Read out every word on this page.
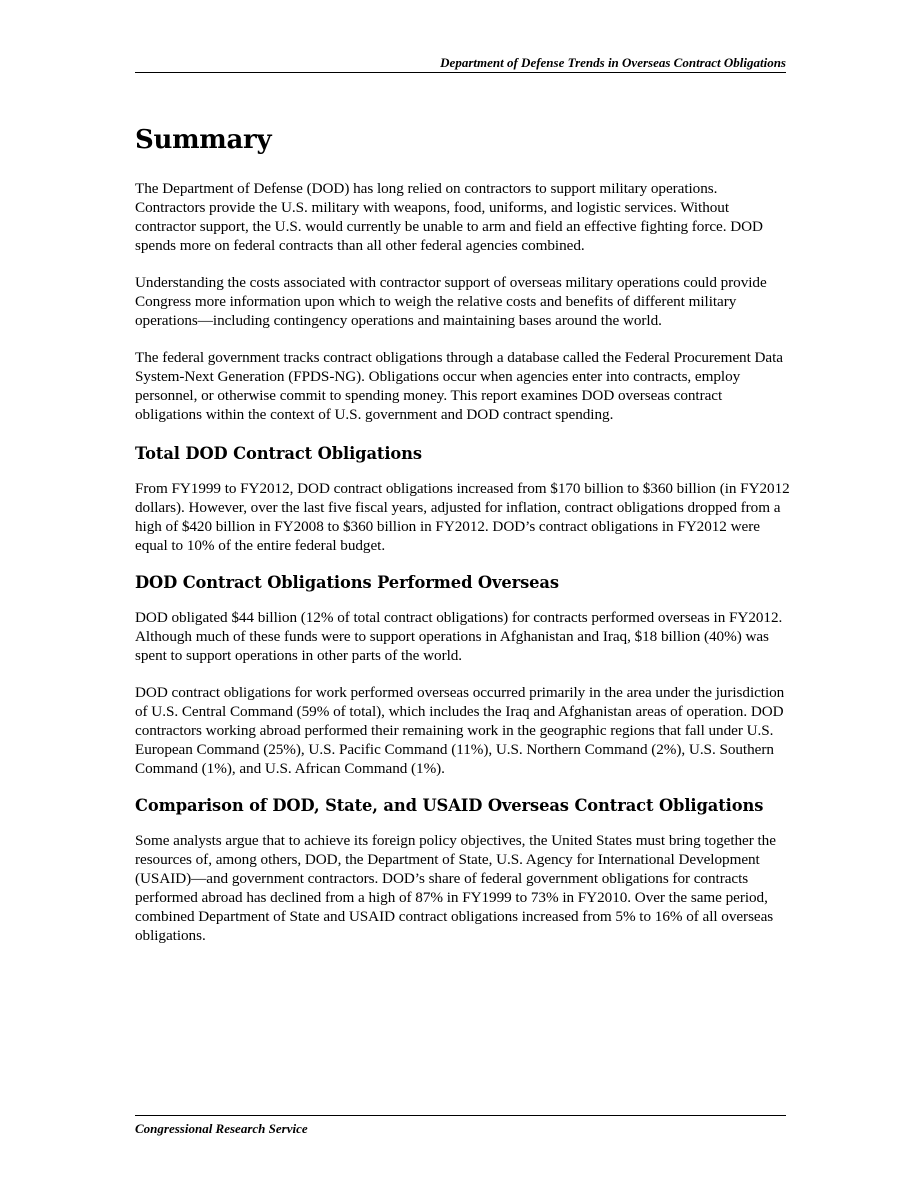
Department of Defense Trends in Overseas Contract Obligations
Summary

The Department of Defense (DOD) has long relied on contractors to support military operations. Contractors provide the U.S. military with weapons, food, uniforms, and logistic services. Without contractor support, the U.S. would currently be unable to arm and field an effective fighting force. DOD spends more on federal contracts than all other federal agencies combined.

Understanding the costs associated with contractor support of overseas military operations could provide Congress more information upon which to weigh the relative costs and benefits of different military operations—including contingency operations and maintaining bases around the world.

The federal government tracks contract obligations through a database called the Federal Procurement Data System-Next Generation (FPDS-NG). Obligations occur when agencies enter into contracts, employ personnel, or otherwise commit to spending money. This report examines DOD overseas contract obligations within the context of U.S. government and DOD contract spending.

Total DOD Contract Obligations

From FY1999 to FY2012, DOD contract obligations increased from $170 billion to $360 billion (in FY2012 dollars). However, over the last five fiscal years, adjusted for inflation, contract obligations dropped from a high of $420 billion in FY2008 to $360 billion in FY2012. DOD’s contract obligations in FY2012 were equal to 10% of the entire federal budget.

DOD Contract Obligations Performed Overseas

DOD obligated $44 billion (12% of total contract obligations) for contracts performed overseas in FY2012. Although much of these funds were to support operations in Afghanistan and Iraq, $18 billion (40%) was spent to support operations in other parts of the world.

DOD contract obligations for work performed overseas occurred primarily in the area under the jurisdiction of U.S. Central Command (59% of total), which includes the Iraq and Afghanistan areas of operation. DOD contractors working abroad performed their remaining work in the geographic regions that fall under U.S. European Command (25%), U.S. Pacific Command (11%), U.S. Northern Command (2%), U.S. Southern Command (1%), and U.S. African Command (1%).

Comparison of DOD, State, and USAID Overseas Contract Obligations

Some analysts argue that to achieve its foreign policy objectives, the United States must bring together the resources of, among others, DOD, the Department of State, U.S. Agency for International Development (USAID)—and government contractors. DOD’s share of federal government obligations for contracts performed abroad has declined from a high of 87% in FY1999 to 73% in FY2010. Over the same period, combined Department of State and USAID contract obligations increased from 5% to 16% of all overseas obligations.

Congressional Research Service
